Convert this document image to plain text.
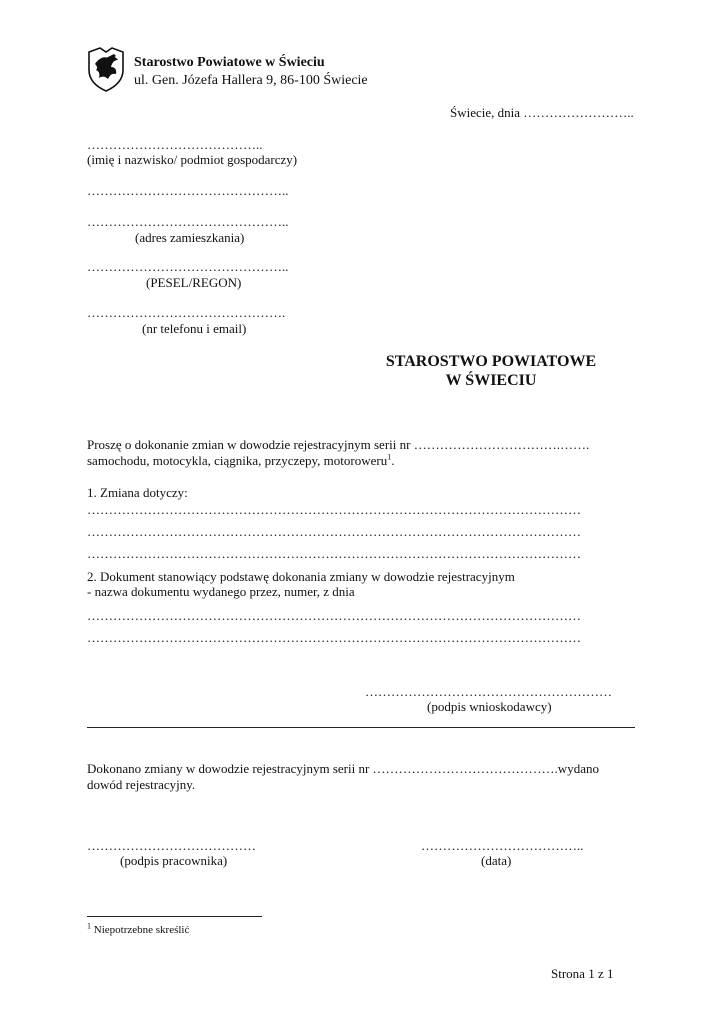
Starostwo Powiatowe w Świeciu
ul. Gen. Józefa Hallera 9, 86-100 Świecie
Świecie, dnia ……………………..
…………………………………..
(imię i nazwisko/ podmiot gospodarczy)
………………………………………..
………………………………………..
(adres zamieszkania)
………………………………………..
(PESEL/REGON)
……………………………………….
(nr telefonu i email)
STAROSTWO POWIATOWE
W ŚWIECIU
Proszę o dokonanie zmian w dowodzie rejestracyjnym serii nr …………………………….…….
samochodu, motocykla, ciągnika, przyczepy, motoroweru$^1$.
1. Zmiana dotyczy:
……………………………………………………………………………………………………
……………………………………………………………………………………………………
……………………………………………………………………………………………………
2. Dokument stanowiący podstawę dokonania zmiany w dowodzie rejestracyjnym
- nazwa dokumentu wydanego przez, numer, z dnia
……………………………………………………………………………………………………
……………………………………………………………………………………………………
…………………………………………………
(podpis wnioskodawcy)
Dokonano zmiany w dowodzie rejestracyjnym serii nr …………………………………….wydano
dowód rejestracyjny.
…………………………………
(podpis pracownika)
………………………………..
(data)
$^1$ Niepotrzebne skreślić
Strona 1 z 1
